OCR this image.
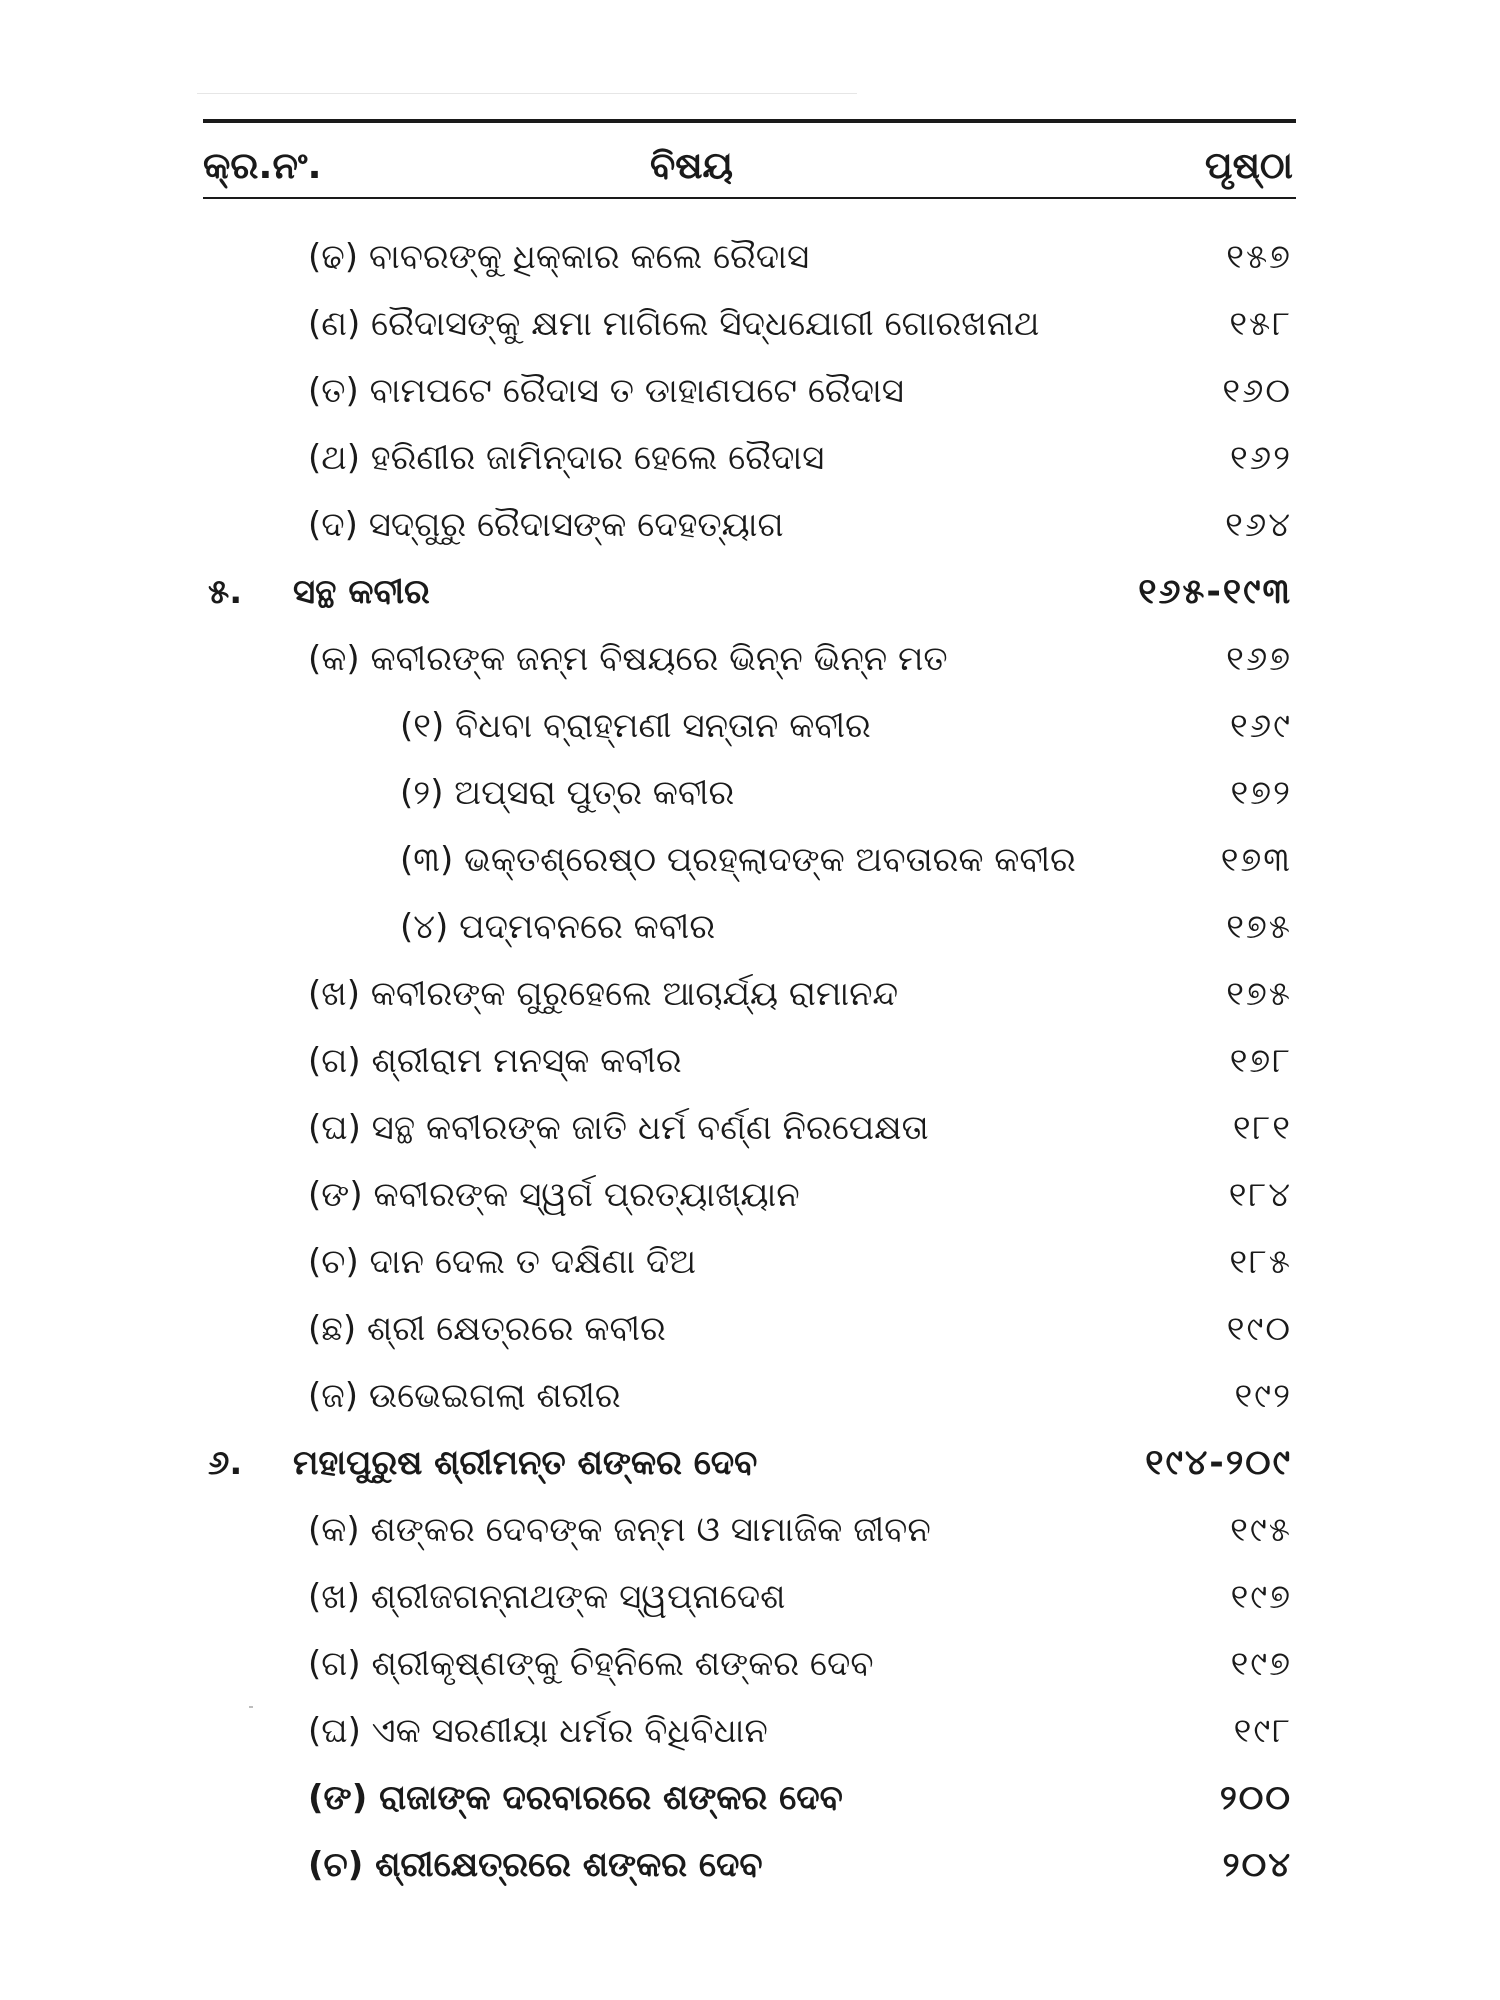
କ୍ର.ନଂ.	ବିଷୟ	ପୃଷ୍ଠା
(ଢ) ବାବରଙ୍କୁ ଧିକ୍କାର କଲେ ରୈଦାସ	୧୫୭
(ଣ) ରୈଦାସଙ୍କୁ କ୍ଷମା ମାଗିଲେ ସିଦ୍ଧଯୋଗୀ ଗୋରଖନାଥ	୧୫୮
(ତ) ବାମପଟେ ରୈଦାସ ତ ଡାହାଣପଟେ ରୈଦାସ	୧୬୦
(ଥ) ହରିଣୀର ଜାମିନ୍‌ଦାର ହେଲେ ରୈଦାସ	୧୬୨
(ଦ) ସଦ୍‌ଗୁରୁ ରୈଦାସଙ୍କ ଦେହତ୍ୟାଗ	୧୬୪
୫. ସନ୍ଥ କବୀର	୧୬୫-୧୯୩
(କ) କବୀରଙ୍କ ଜନ୍ମ ବିଷୟରେ ଭିନ୍ନ ଭିନ୍ନ ମତ	୧୬୭
(୧) ବିଧବା ବ୍ରାହ୍ମଣୀ ସନ୍ତାନ କବୀର	୧୬୯
(୨) ଅପ୍ସରା ପୁତ୍ର କବୀର	୧୭୨
(୩) ଭକ୍ତଶ୍ରେଷ୍ଠ ପ୍ରହ୍ଲାଦଙ୍କ ଅବତାରକ କବୀର	୧୭୩
(୪) ପଦ୍ମବନରେ କବୀର	୧୭୫
(ଖ) କବୀରଙ୍କ ଗୁରୁହେଲେ ଆଚାର୍ଯ୍ୟ ରାମାନନ୍ଦ	୧୭୫
(ଗ) ଶ୍ରୀରାମ ମନସ୍କ କବୀର	୧୭୮
(ଘ) ସନ୍ଥ କବୀରଙ୍କ ଜାତି ଧର୍ମ ବର୍ଣ୍ଣ ନିରପେକ୍ଷତା	୧୮୧
(ଙ) କବୀରଙ୍କ ସ୍ୱର୍ଗ ପ୍ରତ୍ୟାଖ୍ୟାନ	୧୮୪
(ଚ) ଦାନ ଦେଲ ତ ଦକ୍ଷିଣା ଦିଅ	୧୮୫
(ଛ) ଶ୍ରୀ କ୍ଷେତ୍ରରେ କବୀର	୧୯୦
(ଜ) ଉଭେଇଗଲା ଶରୀର	୧୯୨
୬. ମହାପୁରୁଷ ଶ୍ରୀମନ୍ତ ଶଙ୍କର ଦେବ	୧୯୪-୨୦୯
(କ) ଶଙ୍କର ଦେବଙ୍କ ଜନ୍ମ ଓ ସାମାଜିକ ଜୀବନ	୧୯୫
(ଖ) ଶ୍ରୀଜଗନ୍ନାଥଙ୍କ ସ୍ୱପ୍ନାଦେଶ	୧୯୭
(ଗ) ଶ୍ରୀକୃଷ୍ଣଙ୍କୁ ଚିହ୍ନିଲେ ଶଙ୍କର ଦେବ	୧୯୭
(ଘ) ଏକ ସରଣୀୟା ଧର୍ମର ବିଧିବିଧାନ	୧୯୮
(ଙ) ରାଜାଙ୍କ ଦରବାରରେ ଶଙ୍କର ଦେବ	୨୦୦
(ଚ) ଶ୍ରୀକ୍ଷେତ୍ରରେ ଶଙ୍କର ଦେବ	୨୦୪
